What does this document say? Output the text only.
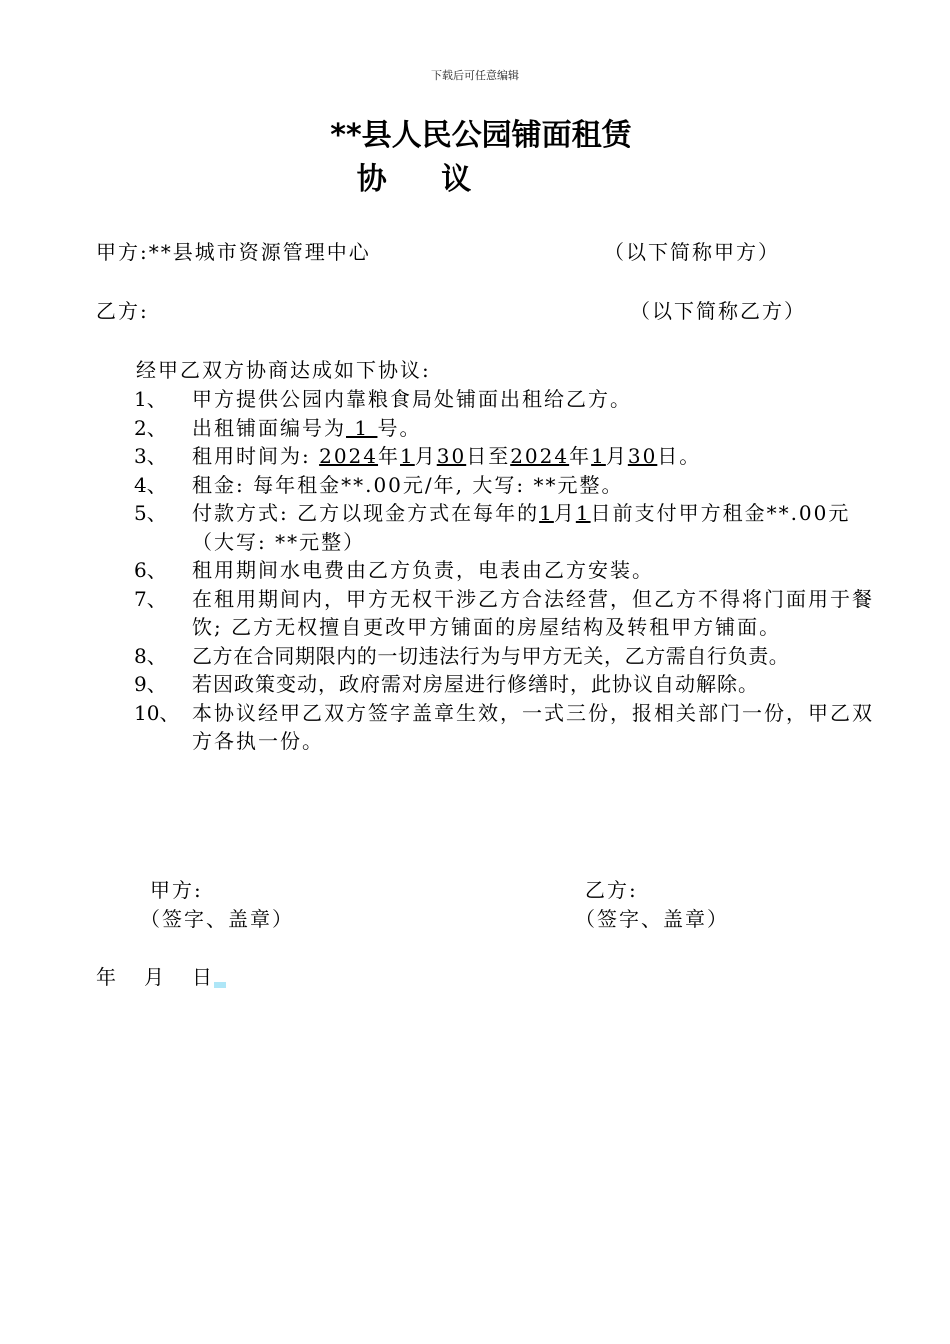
下载后可任意编辑
**县人民公园铺面租赁
协 议
甲方:**县城市资源管理中心	（以下简称甲方）
乙方:	（以下简称乙方）
经甲乙双方协商达成如下协议:
1、	甲方提供公园内靠粮食局处铺面出租给乙方。
2、	出租铺面编号为 1 号。
3、	租用时间为: 2024年1月30日至2024年1月30日。
4、	租金: 每年租金**.00元/年, 大写: **元整。
5、	付款方式: 乙方以现金方式在每年的1月1日前支付甲方租金**.00元（大写: **元整）
6、	租用期间水电费由乙方负责，电表由乙方安装。
7、	在租用期间内，甲方无权干涉乙方合法经营，但乙方不得将门面用于餐饮; 乙方无权擅自更改甲方铺面的房屋结构及转租甲方铺面。
8、	乙方在合同期限内的一切违法行为与甲方无关，乙方需自行负责。
9、	若因政策变动，政府需对房屋进行修缮时，此协议自动解除。
10、 本协议经甲乙双方签字盖章生效，一式三份，报相关部门一份，甲乙双方各执一份。
甲方:
（签字、盖章）
乙方:
（签字、盖章）
年 月 日
